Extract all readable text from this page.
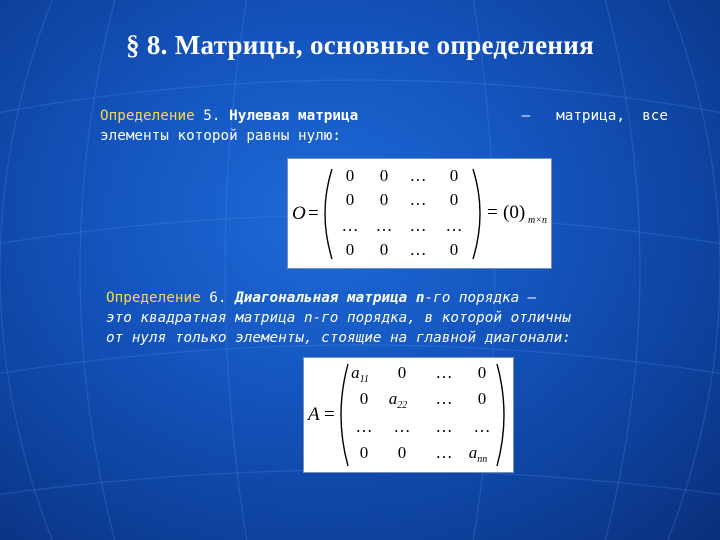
§ 8. Матрицы, основные определения
Определение 5. Нулевая матрица	–   матрица,  все
элементы которой равны нулю:
O =
0 0 … 0
0 0 … 0
… … … …
0 0 … 0
= (0) m×n
Определение 6. Диагональная матрица n-го порядка –
это квадратная матрица n-го порядка, в которой отличны
от нуля только элементы, стоящие на главной диагонали:
A =
$a_{11}$ 0 … 0
0 $a_{22}$ … 0
… … … …
0 0 … $a_{nn}$
